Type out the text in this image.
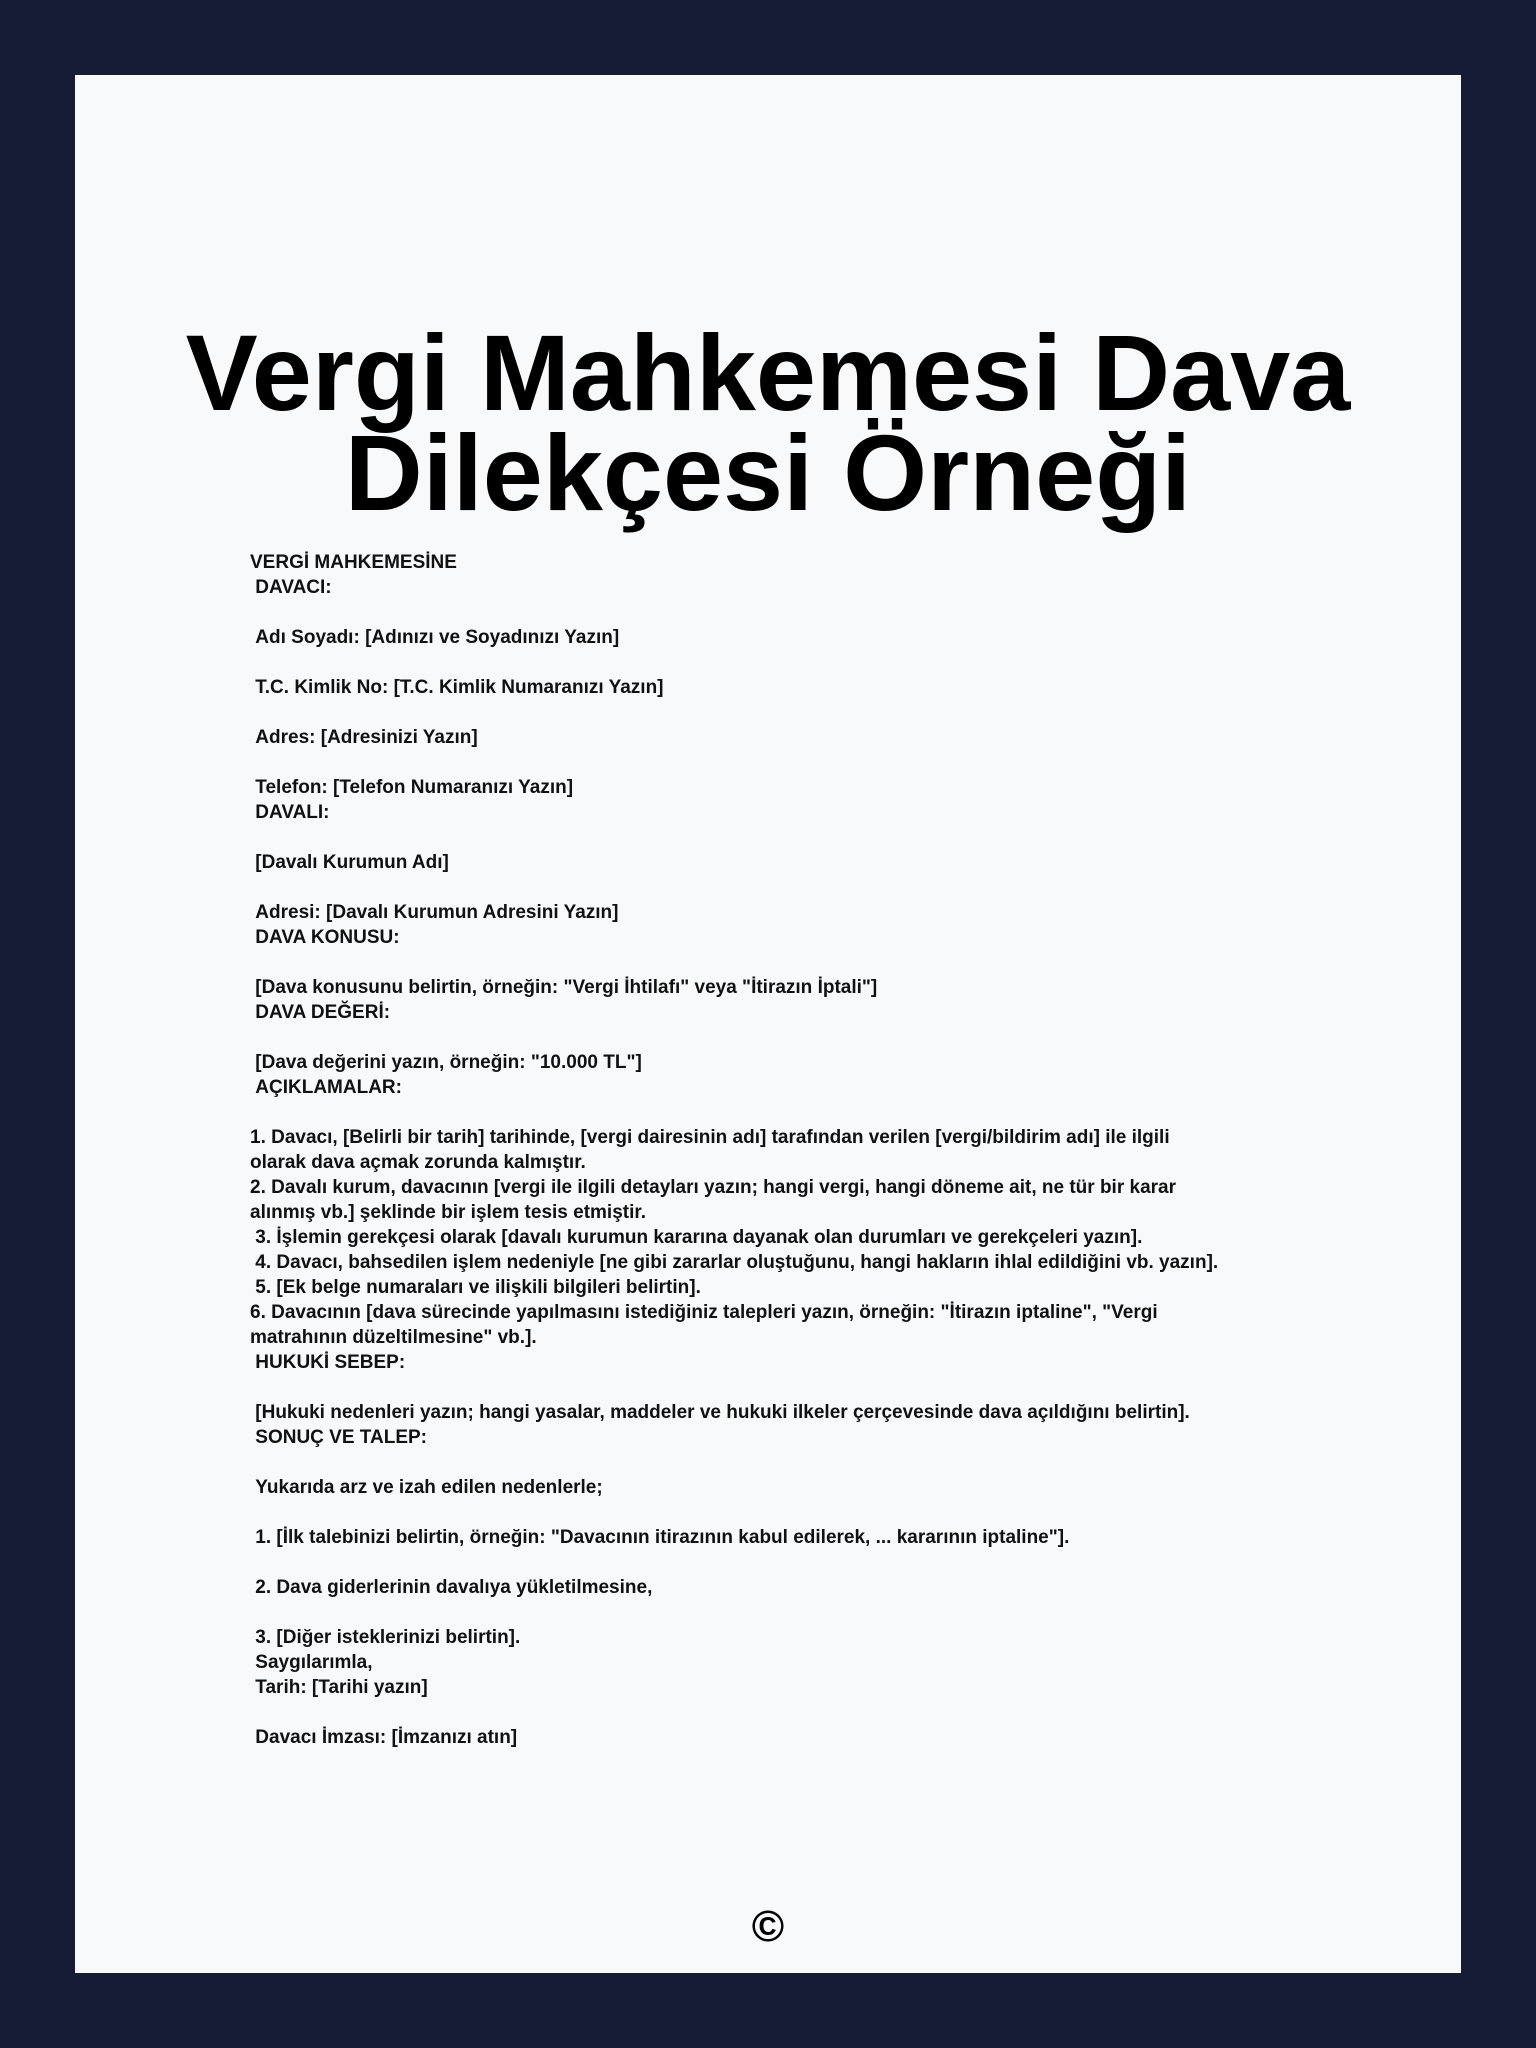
Vergi Mahkemesi Dava Dilekçesi Örneği

VERGİ MAHKEMESİNE

DAVACI:

Adı Soyadı: [Adınızı ve Soyadınızı Yazın]

T.C. Kimlik No: [T.C. Kimlik Numaranızı Yazın]

Adres: [Adresinizi Yazın]

Telefon: [Telefon Numaranızı Yazın]

DAVALI:

[Davalı Kurumun Adı]

Adresi: [Davalı Kurumun Adresini Yazın]

DAVA KONUSU:

[Dava konusunu belirtin, örneğin: "Vergi İhtilafı" veya "İtirazın İptali"]

DAVA DEĞERİ:

[Dava değerini yazın, örneğin: "10.000 TL"]

AÇIKLAMALAR:

1. Davacı, [Belirli bir tarih] tarihinde, [vergi dairesinin adı] tarafından verilen [vergi/bildirim adı] ile ilgili

olarak dava açmak zorunda kalmıştır.

2. Davalı kurum, davacının [vergi ile ilgili detayları yazın; hangi vergi, hangi döneme ait, ne tür bir karar

alınmış vb.] şeklinde bir işlem tesis etmiştir.

3. İşlemin gerekçesi olarak [davalı kurumun kararına dayanak olan durumları ve gerekçeleri yazın].

4. Davacı, bahsedilen işlem nedeniyle [ne gibi zararlar oluştuğunu, hangi hakların ihlal edildiğini vb. yazın].

5. [Ek belge numaraları ve ilişkili bilgileri belirtin].

6. Davacının [dava sürecinde yapılmasını istediğiniz talepleri yazın, örneğin: "İtirazın iptaline", "Vergi

matrahının düzeltilmesine" vb.].

HUKUKİ SEBEP:

[Hukuki nedenleri yazın; hangi yasalar, maddeler ve hukuki ilkeler çerçevesinde dava açıldığını belirtin].

SONUÇ VE TALEP:

Yukarıda arz ve izah edilen nedenlerle;

1. [İlk talebinizi belirtin, örneğin: "Davacının itirazının kabul edilerek, ... kararının iptaline"].

2. Dava giderlerinin davalıya yükletilmesine,

3. [Diğer isteklerinizi belirtin].

Saygılarımla,

Tarih: [Tarihi yazın]

Davacı İmzası: [İmzanızı atın]

©
